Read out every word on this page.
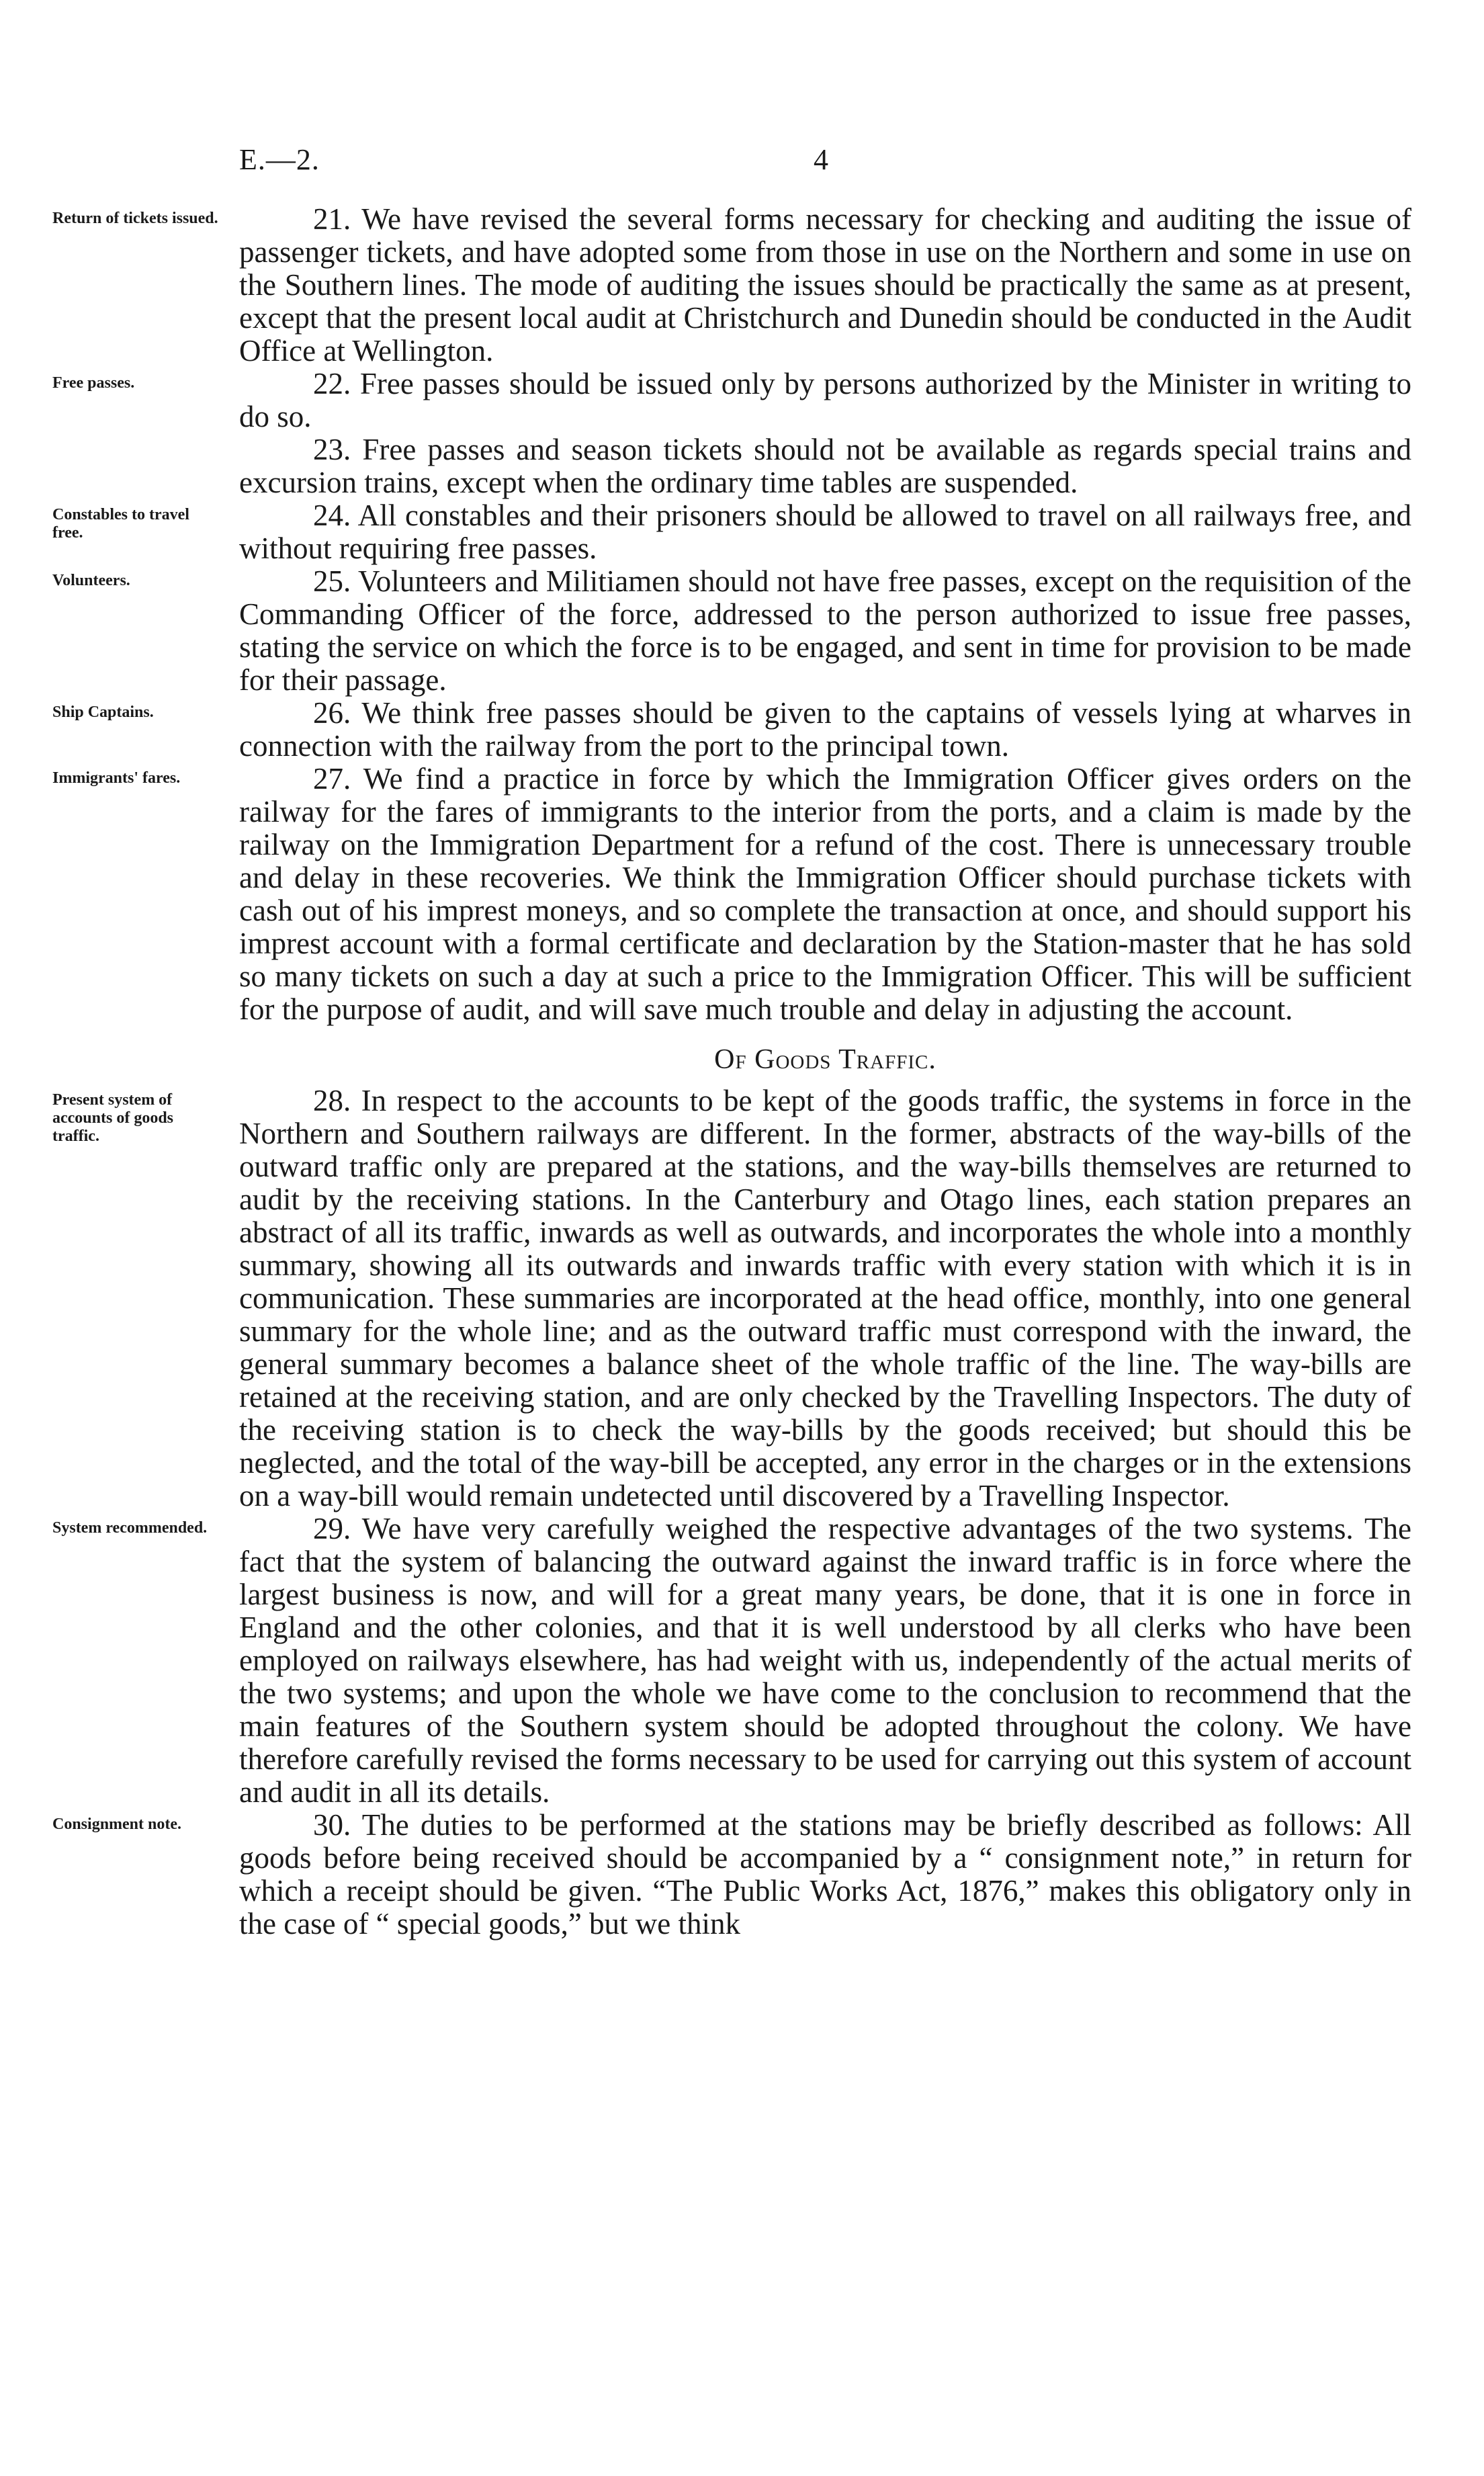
E.—2.	4

Return of tickets issued.	21. We have revised the several forms necessary for checking and auditing the issue of passenger tickets, and have adopted some from those in use on the Northern and some in use on the Southern lines. The mode of auditing the issues should be practically the same as at present, except that the present local audit at Christchurch and Dunedin should be conducted in the Audit Office at Wellington.

Free passes.	22. Free passes should be issued only by persons authorized by the Minister in writing to do so.

23. Free passes and season tickets should not be available as regards special trains and excursion trains, except when the ordinary time tables are suspended.

Constables to travel free.
24. All constables and their prisoners should be allowed to travel on all railways free, and without requiring free passes.

Volunteers.	25. Volunteers and Militiamen should not have free passes, except on the requisition of the Commanding Officer of the force, addressed to the person authorized to issue free passes, stating the service on which the force is to be engaged, and sent in time for provision to be made for their passage.

Ship Captains.	26. We think free passes should be given to the captains of vessels lying at wharves in connection with the railway from the port to the principal town.

Immigrants' fares.	27. We find a practice in force by which the Immigration Officer gives orders on the railway for the fares of immigrants to the interior from the ports, and a claim is made by the railway on the Immigration Department for a refund of the cost. There is unnecessary trouble and delay in these recoveries. We think the Immigration Officer should purchase tickets with cash out of his imprest moneys, and so complete the transaction at once, and should support his imprest account with a formal certificate and declaration by the Station-master that he has sold so many tickets on such a day at such a price to the Immigration Officer. This will be sufficient for the purpose of audit, and will save much trouble and delay in adjusting the account.

Of Goods Traffic.

Present system of accounts of goods traffic.
28. In respect to the accounts to be kept of the goods traffic, the systems in force in the Northern and Southern railways are different. In the former, abstracts of the way-bills of the outward traffic only are prepared at the stations, and the way-bills themselves are returned to audit by the receiving stations. In the Canterbury and Otago lines, each station prepares an abstract of all its traffic, inwards as well as outwards, and incorporates the whole into a monthly summary, showing all its outwards and inwards traffic with every station with which it is in communication. These summaries are incorporated at the head office, monthly, into one general summary for the whole line; and as the outward traffic must correspond with the inward, the general summary becomes a balance sheet of the whole traffic of the line. The way-bills are retained at the receiving station, and are only checked by the Travelling Inspectors. The duty of the receiving station is to check the way-bills by the goods received; but should this be neglected, and the total of the way-bill be accepted, any error in the charges or in the extensions on a way-bill would remain undetected until discovered by a Travelling Inspector.

System recommended.	29. We have very carefully weighed the respective advantages of the two systems. The fact that the system of balancing the outward against the inward traffic is in force where the largest business is now, and will for a great many years, be done, that it is one in force in England and the other colonies, and that it is well understood by all clerks who have been employed on railways elsewhere, has had weight with us, independently of the actual merits of the two systems; and upon the whole we have come to the conclusion to recommend that the main features of the Southern system should be adopted throughout the colony. We have therefore carefully revised the forms necessary to be used for carrying out this system of account and audit in all its details.

Consignment note.	30. The duties to be performed at the stations may be briefly described as follows: All goods before being received should be accompanied by a “ consignment note,” in return for which a receipt should be given. “The Public Works Act, 1876,” makes this obligatory only in the case of “ special goods,” but we think
